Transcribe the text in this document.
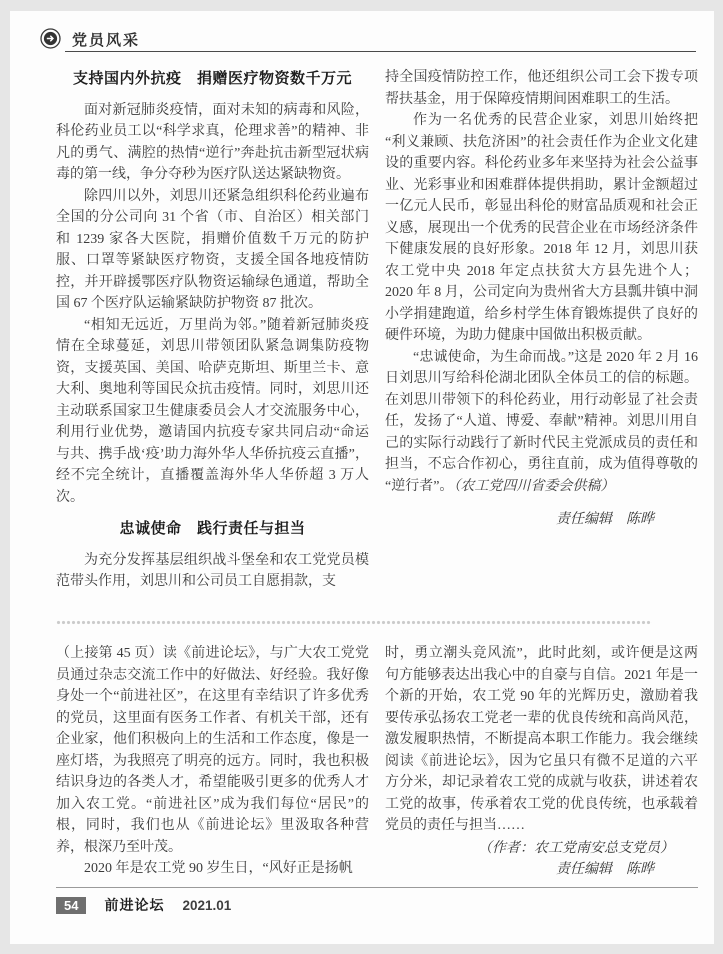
党员风采
支持国内外抗疫　捐赠医疗物资数千万元

面对新冠肺炎疫情，面对未知的病毒和风险，科伦药业员工以“科学求真，伦理求善”的精神、非凡的勇气、满腔的热情“逆行”奔赴抗击新型冠状病毒的第一线，争分夺秒为医疗队送达紧缺物资。

除四川以外，刘思川还紧急组织科伦药业遍布全国的分公司向 31 个省（市、自治区）相关部门和 1239 家各大医院，捐赠价值数千万元的防护服、口罩等紧缺医疗物资，支援全国各地疫情防控，并开辟援鄂医疗队物资运输绿色通道，帮助全国 67 个医疗队运输紧缺防护物资 87 批次。

“相知无远近，万里尚为邻。”随着新冠肺炎疫情在全球蔓延，刘思川带领团队紧急调集防疫物资，支援英国、美国、哈萨克斯坦、斯里兰卡、意大利、奥地利等国民众抗击疫情。同时，刘思川还主动联系国家卫生健康委员会人才交流服务中心，利用行业优势，邀请国内抗疫专家共同启动“命运与共、携手战‘疫’助力海外华人华侨抗疫云直播”，经不完全统计，直播覆盖海外华人华侨超 3 万人次。

忠诚使命　践行责任与担当

为充分发挥基层组织战斗堡垒和农工党党员模范带头作用，刘思川和公司员工自愿捐款，支

持全国疫情防控工作，他还组织公司工会下拨专项帮扶基金，用于保障疫情期间困难职工的生活。

作为一名优秀的民营企业家，刘思川始终把“利义兼顾、扶危济困”的社会责任作为企业文化建设的重要内容。科伦药业多年来坚持为社会公益事业、光彩事业和困难群体提供捐助，累计金额超过一亿元人民币，彰显出科伦的财富品质观和社会正义感，展现出一个优秀的民营企业在市场经济条件下健康发展的良好形象。2018 年 12 月，刘思川获农工党中央 2018 年定点扶贫大方县先进个人；2020 年 8 月，公司定向为贵州省大方县瓢井镇中洞小学捐建跑道，给乡村学生体育锻炼提供了良好的硬件环境，为助力健康中国做出积极贡献。

“忠诚使命，为生命而战。”这是 2020 年 2 月 16 日刘思川写给科伦湖北团队全体员工的信的标题。在刘思川带领下的科伦药业，用行动彰显了社会责任，发扬了“人道、博爱、奉献”精神。刘思川用自己的实际行动践行了新时代民主党派成员的责任和担当，不忘合作初心，勇往直前，成为值得尊敬的“逆行者”。（农工党四川省委会供稿）

责任编辑　陈晔

（上接第 45 页）读《前进论坛》，与广大农工党党员通过杂志交流工作中的好做法、好经验。我好像身处一个“前进社区”，在这里有幸结识了许多优秀的党员，这里面有医务工作者、有机关干部，还有企业家，他们积极向上的生活和工作态度，像是一座灯塔，为我照亮了明亮的远方。同时，我也积极结识身边的各类人才，希望能吸引更多的优秀人才加入农工党。“前进社区”成为我们每位“居民”的根，同时，我们也从《前进论坛》里汲取各种营养，根深乃至叶茂。

2020 年是农工党 90 岁生日，“风好正是扬帆

时，勇立潮头竞风流”，此时此刻，或许便是这两句方能够表达出我心中的自豪与自信。2021 年是一个新的开始，农工党 90 年的光辉历史，激励着我要传承弘扬农工党老一辈的优良传统和高尚风范，激发履职热情，不断提高本职工作能力。我会继续阅读《前进论坛》，因为它虽只有微不足道的六平方分米，却记录着农工党的成就与收获，讲述着农工党的故事，传承着农工党的优良传统，也承载着党员的责任与担当……

（作者：农工党南安总支党员）

责任编辑　陈晔

54	前进论坛 2021.01
